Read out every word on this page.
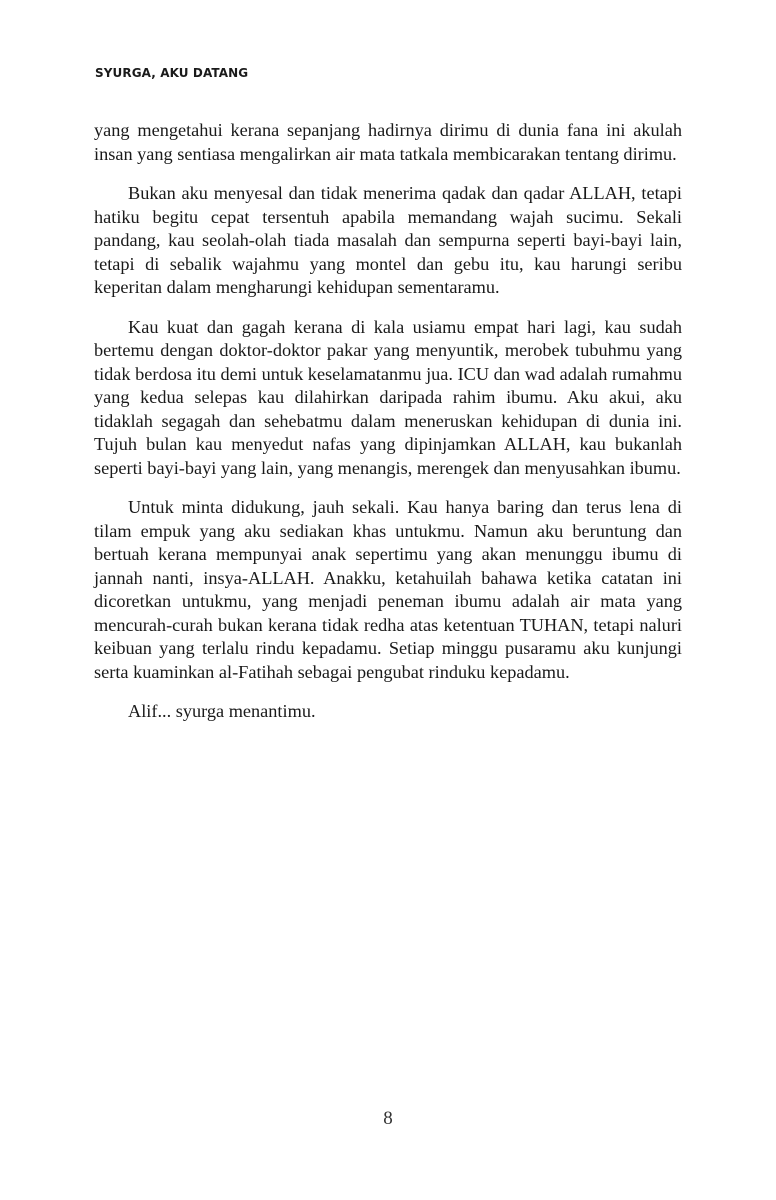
SYURGA, AKU DATANG

yang mengetahui kerana sepanjang hadirnya dirimu di dunia fana ini akulah insan yang sentiasa mengalirkan air mata tatkala membicarakan tentang dirimu.

Bukan aku menyesal dan tidak menerima qadak dan qadar ALLAH, tetapi hatiku begitu cepat tersentuh apabila memandang wajah sucimu. Sekali pandang, kau seolah-olah tiada masalah dan sempurna seperti bayi-bayi lain, tetapi di sebalik wajahmu yang montel dan gebu itu, kau harungi seribu keperitan dalam mengharungi kehidupan sementaramu.

Kau kuat dan gagah kerana di kala usiamu empat hari lagi, kau sudah bertemu dengan doktor-doktor pakar yang menyuntik, merobek tubuhmu yang tidak berdosa itu demi untuk keselamatanmu jua. ICU dan wad adalah rumahmu yang kedua selepas kau dilahirkan daripada rahim ibumu. Aku akui, aku tidaklah segagah dan sehebatmu dalam meneruskan kehidupan di dunia ini. Tujuh bulan kau menyedut nafas yang dipinjamkan ALLAH, kau bukanlah seperti bayi-bayi yang lain, yang menangis, merengek dan menyusahkan ibumu.

Untuk minta didukung, jauh sekali. Kau hanya baring dan terus lena di tilam empuk yang aku sediakan khas untukmu. Namun aku beruntung dan bertuah kerana mempunyai anak sepertimu yang akan menunggu ibumu di jannah nanti, insya-ALLAH. Anakku, ketahuilah bahawa ketika catatan ini dicoretkan untukmu, yang menjadi peneman ibumu adalah air mata yang mencurah-curah bukan kerana tidak redha atas ketentuan TUHAN, tetapi naluri keibuan yang terlalu rindu kepadamu. Setiap minggu pusaramu aku kunjungi serta kuaminkan al-Fatihah sebagai pengubat rinduku kepadamu.

Alif... syurga menantimu.

8
